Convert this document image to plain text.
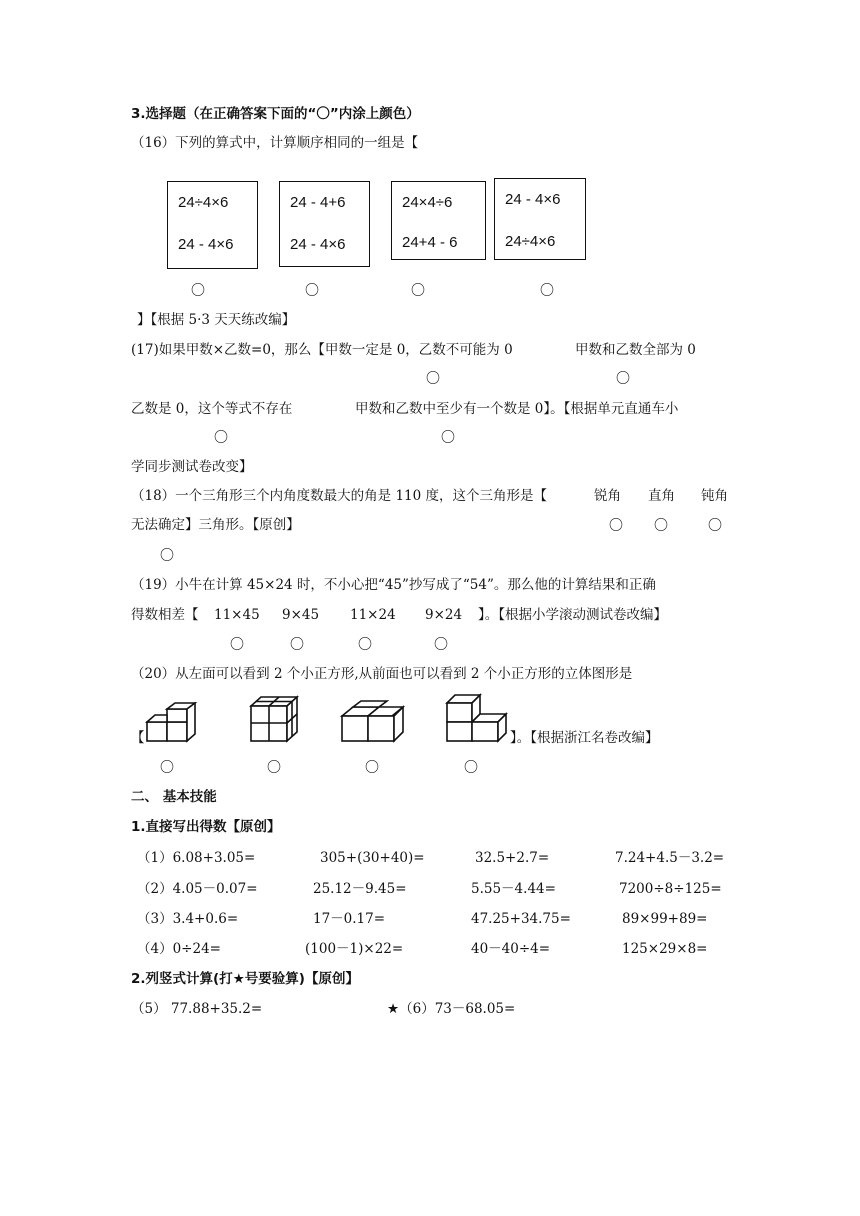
3.选择题（在正确答案下面的“〇”内涂上颜色）
（16）下列的算式中，计算顺序相同的一组是【
24÷4×6
24 - 4×6
24 - 4+6
24 - 4×6
24×4÷6
24+4 - 6
24 - 4×6
24÷4×6
〇	〇	〇	〇
】【根据 5·3 天天练改编】
(17)如果甲数×乙数=0，那么【甲数一定是 0，乙数不可能为 0	甲数和乙数全部为 0
〇	〇
乙数是 0，这个等式不存在	甲数和乙数中至少有一个数是 0】。【根据单元直通车小
〇	〇
学同步测试卷改变】
（18）一个三角形三个内角度数最大的角是 110 度，这个三角形是【	锐角 直角 钝角
无法确定】三角形。【原创】	〇 〇	〇
〇
（19）小牛在计算 45×24 时，不小心把“45”抄写成了“54”。那么他的计算结果和正确
得数相差【 11×45 9×45 11×24 9×24 】。【根据小学滚动测试卷改编】
〇	〇	〇	〇
（20）从左面可以看到 2 个小正方形,从前面也可以看到 2 个小正方形的立体图形是
【	】。【根据浙江名卷改编】
〇	〇	〇	〇
二、 基本技能
1.直接写出得数【原创】
（1）6.08+3.05=	305+(30+40)=	32.5+2.7=	7.24+4.5－3.2=
（2）4.05－0.07=	25.12－9.45=	5.55－4.44=	7200÷8÷125=
（3）3.4+0.6=	17－0.17=	47.25+34.75=	89×99+89=
（4）0÷24=	(100－1)×22=	40－40÷4=	125×29×8=
2.列竖式计算(打★号要验算)【原创】
（5） 77.88+35.2=	★（6）73－68.05=
